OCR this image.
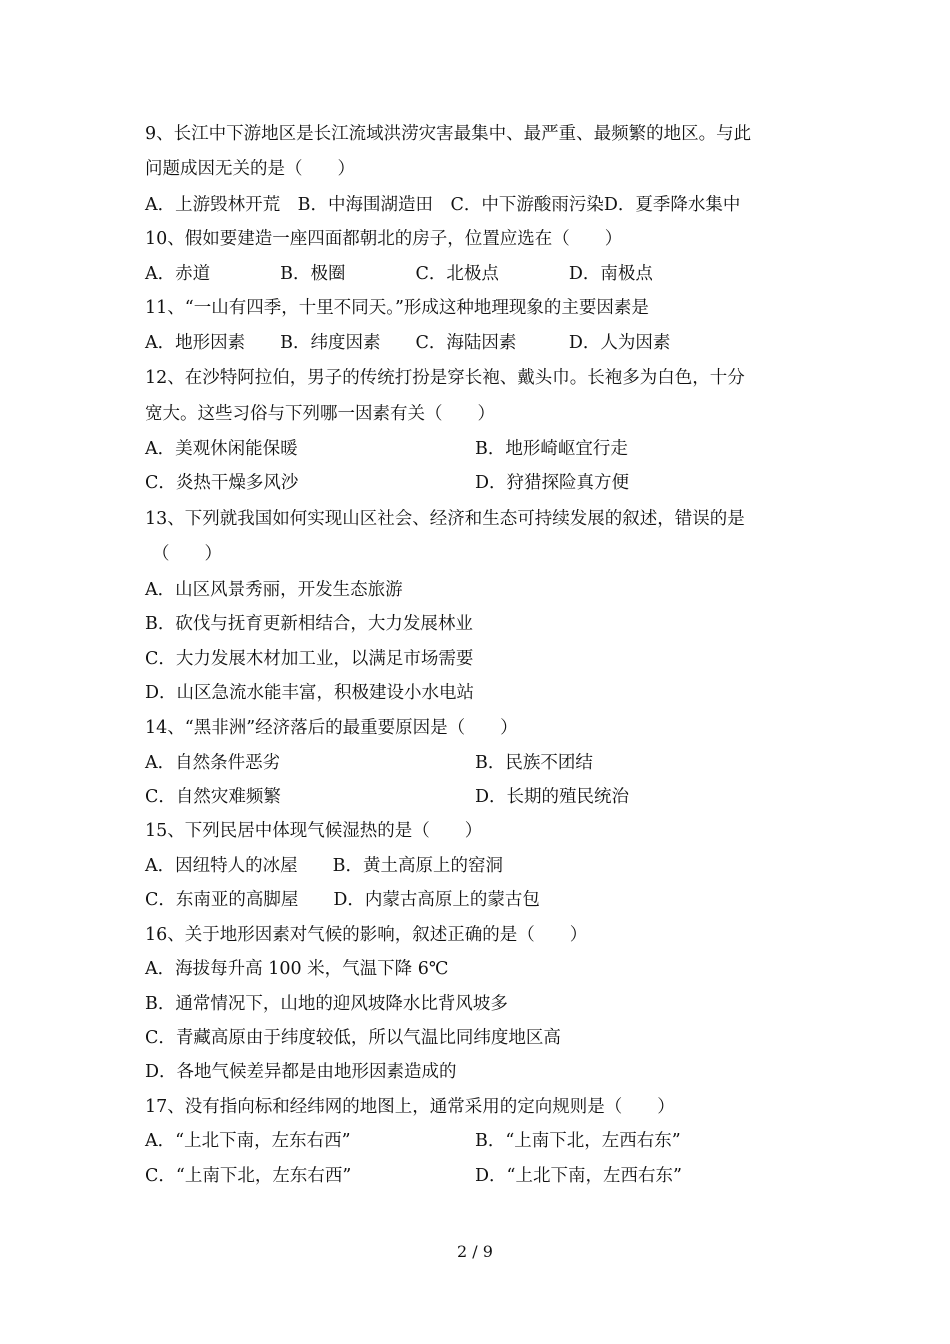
9、长江中下游地区是长江流域洪涝灾害最集中、最严重、最频繁的地区。与此
问题成因无关的是（　　）
A．上游毁林开荒　B．中海围湖造田　C．中下游酸雨污染D．夏季降水集中
10、假如要建造一座四面都朝北的房子，位置应选在（　　）
A．赤道　　　　B．极圈　　　　C．北极点　　　　D．南极点
11、“一山有四季，十里不同天。”形成这种地理现象的主要因素是
A．地形因素　　B．纬度因素　　C．海陆因素　　　D．人为因素
12、在沙特阿拉伯，男子的传统打扮是穿长袍、戴头巾。长袍多为白色，十分
宽大。这些习俗与下列哪一因素有关（　　）
A．美观休闲能保暖	B．地形崎岖宜行走
C．炎热干燥多风沙	D．狩猎探险真方便
13、下列就我国如何实现山区社会、经济和生态可持续发展的叙述，错误的是
（　　）
A．山区风景秀丽，开发生态旅游
B．砍伐与抚育更新相结合，大力发展林业
C．大力发展木材加工业，以满足市场需要
D．山区急流水能丰富，积极建设小水电站
14、“黑非洲”经济落后的最重要原因是（　　）
A．自然条件恶劣	B．民族不团结
C．自然灾难频繁	D．长期的殖民统治
15、下列民居中体现气候湿热的是（　　）
A．因纽特人的冰屋　　B．黄土高原上的窑洞
C．东南亚的高脚屋　　D．内蒙古高原上的蒙古包
16、关于地形因素对气候的影响，叙述正确的是（　　）
A．海拔每升高 100 米，气温下降 6℃
B．通常情况下，山地的迎风坡降水比背风坡多
C．青藏高原由于纬度较低，所以气温比同纬度地区高
D．各地气候差异都是由地形因素造成的
17、没有指向标和经纬网的地图上，通常采用的定向规则是（　　）
A．“上北下南，左东右西”	B．“上南下北，左西右东”
C．“上南下北，左东右西”	D．“上北下南，左西右东”
2 / 9
